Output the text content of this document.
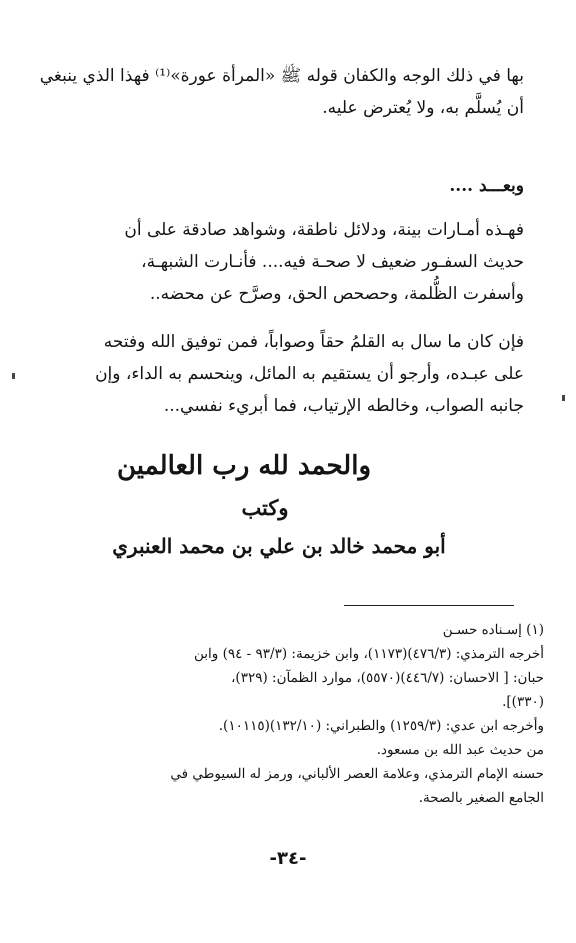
بها في ذلك الوجه والكفان قوله ﷺ «المرأة عورة»⁽¹⁾ فهذا الذي ينبغي
أن يُسلَّم به، ولا يُعترض عليه.

وبعـــد ....

فهـذه أمـارات بينة، ودلائل ناطقة، وشواهد صادقة على أن
حديث السفـور ضعيف لا صحـة فيه.... فأنـارت الشبهـة،
وأسفرت الظُّلمة، وحصحص الحق، وصرَّح عن محضه..

فإن كان ما سال به القلمُ حقاً وصواباً، فمن توفيق الله وفتحه
على عبـده، وأرجو أن يستقيم به المائل، وينحسم به الداء، وإن
جانبه الصواب، وخالطه الإرتياب، فما أبريء نفسي...

والحمد لله رب العالمين

وكتب

أبو محمد خالد بن علي بن محمد العنبري

(١) إسـناده حسـن
أخرجه الترمذي: (٤٧٦/٣)(١١٧٣)، وابن خزيمة: (٩٣/٣ - ٩٤) وابن
حبان: [ الاحسان: (٤٤٦/٧)(٥٥٧٠)، موارد الظمآن: (٣٢٩)،
(٣٣٠)].
وأخرجه ابن عدي: (١٢٥٩/٣) والطبراني: (١٣٢/١٠)(١٠١١٥).
من حديث عبد الله بن مسعود.
حسنه الإمام الترمذي، وعلامة العصر الألباني، ورمز له السيوطي في
الجامع الصغير بالصحة.
-٣٤-
